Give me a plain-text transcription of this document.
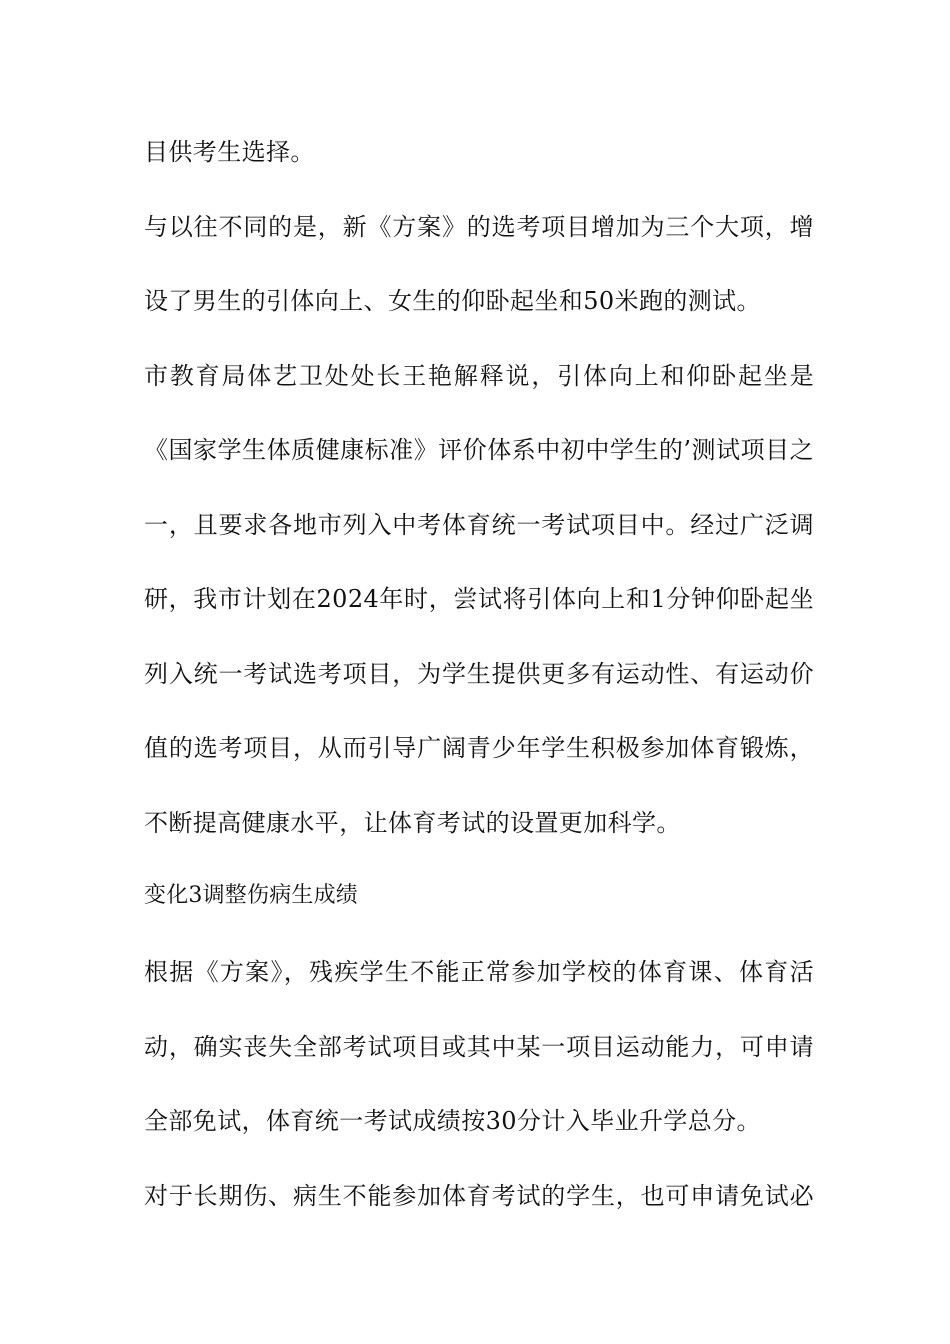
目供考生选择。

与以往不同的是，新《方案》的选考项目增加为三个大项，增

设了男生的引体向上、女生的仰卧起坐和50米跑的测试。

市教育局体艺卫处处长王艳解释说，引体向上和仰卧起坐是

《国家学生体质健康标准》评价体系中初中学生的’测试项目之

一，且要求各地市列入中考体育统一考试项目中。经过广泛调

研，我市计划在2024年时，尝试将引体向上和1分钟仰卧起坐

列入统一考试选考项目，为学生提供更多有运动性、有运动价

值的选考项目，从而引导广阔青少年学生积极参加体育锻炼，

不断提高健康水平，让体育考试的设置更加科学。

变化3调整伤病生成绩

根据《方案》，残疾学生不能正常参加学校的体育课、体育活

动，确实丧失全部考试项目或其中某一项目运动能力，可申请

全部免试，体育统一考试成绩按30分计入毕业升学总分。

对于长期伤、病生不能参加体育考试的学生，也可申请免试必
